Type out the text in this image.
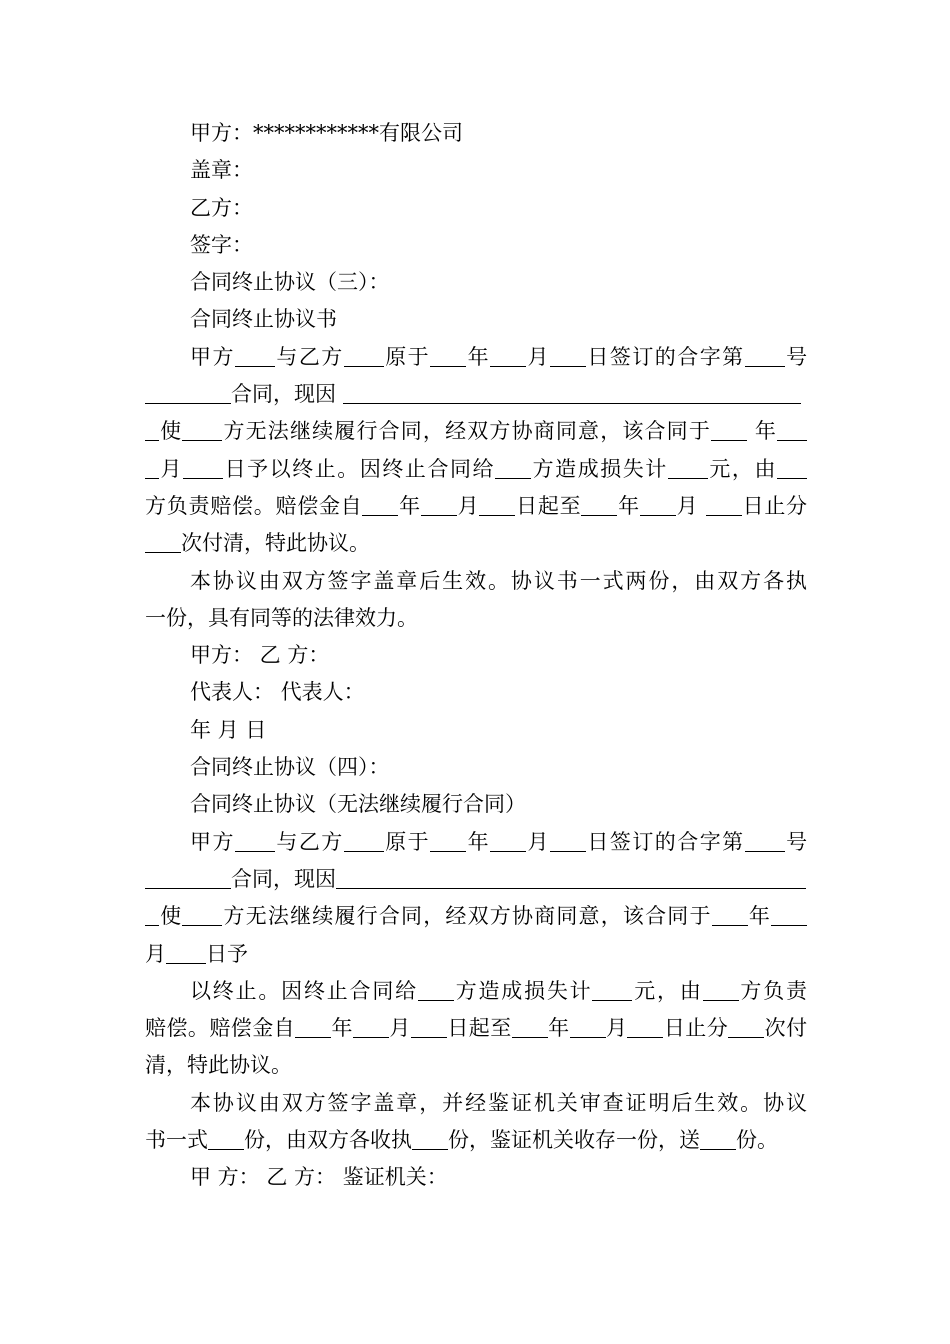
甲方：************有限公司
盖章：
乙方：
签字：
合同终止协议（三）：
合同终止协议书
甲方 与乙方 原于 年 月 日签订的合字第 号
合同，现因
使 方无法继续履行合同，经双方协商同意，该合同于 年
月 日予以终止。因终止合同给 方造成损失计 元，由
方负责赔偿。赔偿金自 年 月 日起至 年 月 日止分
次付清，特此协议。
本协议由双方签字盖章后生效。协议书一式两份，由双方各执
一份，具有同等的法律效力。
甲方： 乙 方：
代表人： 代表人：
年 月 日
合同终止协议（四）：
合同终止协议（无法继续履行合同）
甲方 与乙方 原于 年 月 日签订的合字第 号
合同，现因
使 方无法继续履行合同，经双方协商同意，该合同于 年
月 日予
以终止。因终止合同给 方造成损失计 元，由 方负责
赔偿。赔偿金自 年 月 日起至 年 月 日止分 次付
清，特此协议。
本协议由双方签字盖章，并经鉴证机关审查证明后生效。协议
书一式 份，由双方各收执 份，鉴证机关收存一份，送 份。
甲 方： 乙 方： 鉴证机关：
